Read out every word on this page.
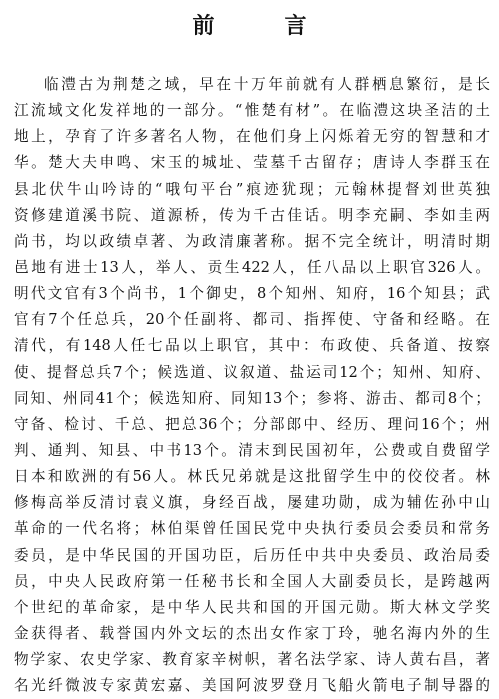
前　言
临澧古为荆楚之域，早在十万年前就有人群栖息繁衍，是长
江流域文化发祥地的一部分。“惟楚有材”。在临澧这块圣洁的土
地上，孕育了许多著名人物，在他们身上闪烁着无穷的智慧和才
华。楚大夫申鸣、宋玉的城址、莹墓千古留存；唐诗人李群玉在
县北伏牛山吟诗的“哦句平台”痕迹犹现；元翰林提督刘世英独
资修建道溪书院、道源桥，传为千古佳话。明李充嗣、李如圭两
尚书，均以政绩卓著、为政清廉著称。据不完全统计，明清时期
邑地有进士13人，举人、贡生422人，任八品以上职官326人。
明代文官有3个尚书，1个御史，8个知州、知府，16个知县；武
官有7个任总兵，20个任副将、都司、指挥使、守备和经略。在
清代，有148人任七品以上职官，其中：布政使、兵备道、按察
使、提督总兵7个；候选道、议叙道、盐运司12个；知州、知府、
同知、州同41个；候选知府、同知13个；参将、游击、都司8个；
守备、检讨、千总、把总36个；分部郎中、经历、理问16个；州
判、通判、知县、中书13个。清末到民国初年，公费或自费留学
日本和欧洲的有56人。林氏兄弟就是这批留学生中的佼佼者。林
修梅高举反清讨袁义旗，身经百战，屡建功勋，成为辅佐孙中山
革命的一代名将；林伯渠曾任国民党中央执行委员会委员和常务
委员，是中华民国的开国功臣，后历任中共中央委员、政治局委
员，中央人民政府第一任秘书长和全国人大副委员长，是跨越两
个世纪的革命家，是中华人民共和国的开国元勋。斯大林文学奖
金获得者、载誉国内外文坛的杰出女作家丁玲，驰名海内外的生
物学家、农史学家、教育家辛树帜，著名法学家、诗人黄右昌，著
名光纤微波专家黄宏嘉、美国阿波罗登月飞船火箭电子制导器的
